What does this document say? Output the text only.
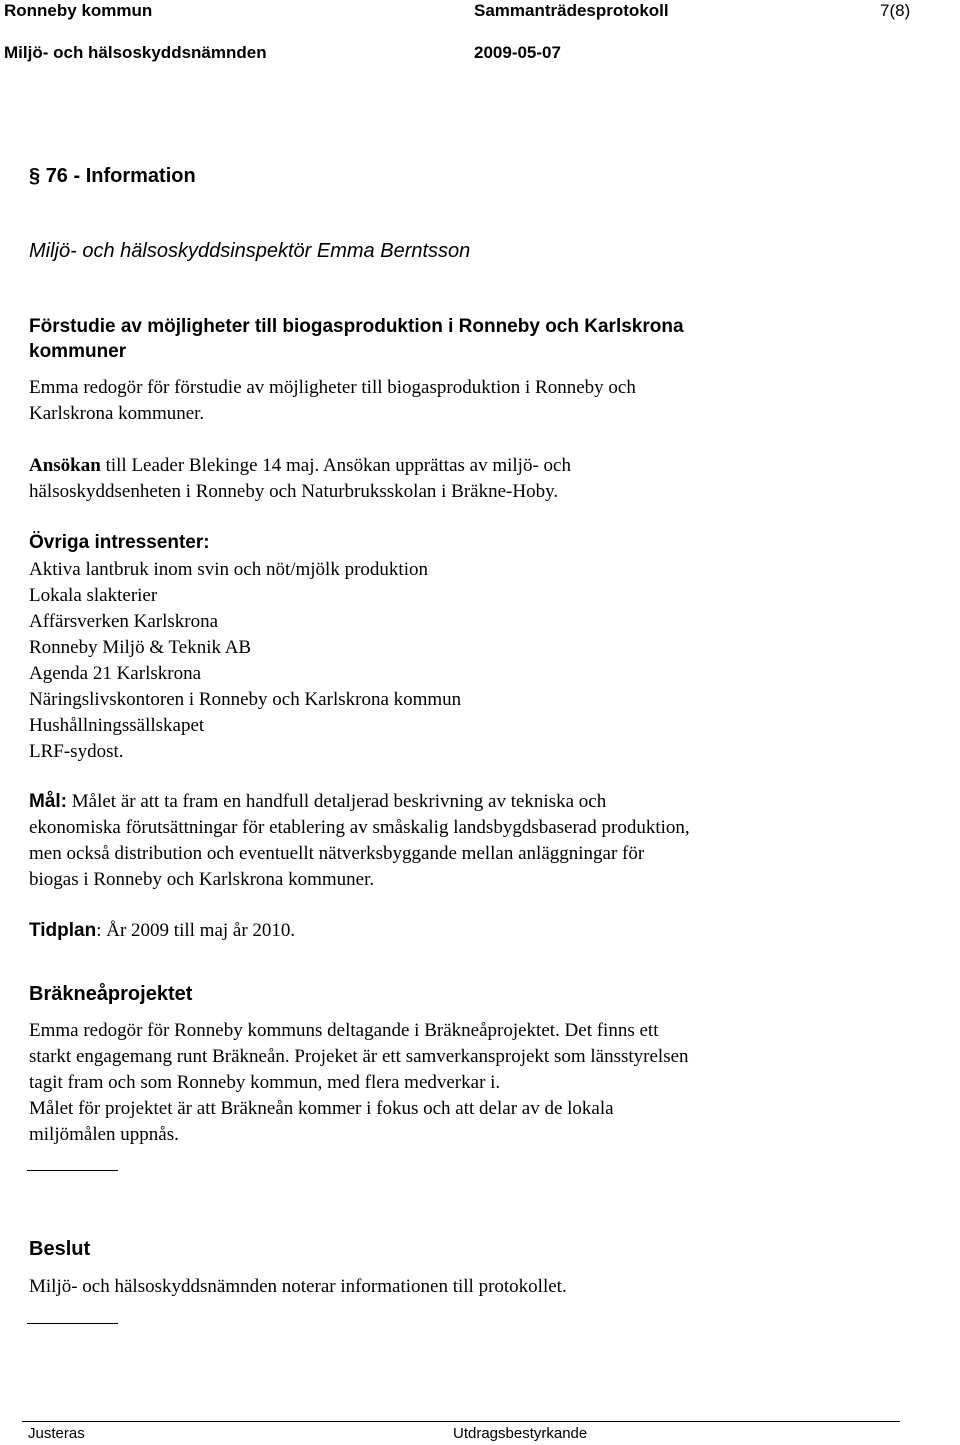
Ronneby kommun	Sammanträdesprotokoll	7(8)
Miljö- och hälsoskyddsnämnden	2009-05-07
§ 76 - Information
Miljö- och hälsoskyddsinspektör Emma Berntsson
Förstudie av möjligheter till biogasproduktion i Ronneby och Karlskrona
kommuner
Emma redogör för förstudie av möjligheter till biogasproduktion i Ronneby och
Karlskrona kommuner.
Ansökan till Leader Blekinge 14 maj. Ansökan upprättas av miljö- och
hälsoskyddsenheten i Ronneby och Naturbruksskolan i Bräkne-Hoby.
Övriga intressenter:
Aktiva lantbruk inom svin och nöt/mjölk produktion
Lokala slakterier
Affärsverken Karlskrona
Ronneby Miljö & Teknik AB
Agenda 21 Karlskrona
Näringslivskontoren i Ronneby och Karlskrona kommun
Hushållningssällskapet
LRF-sydost.
Mål: Målet är att ta fram en handfull detaljerad beskrivning av tekniska och
ekonomiska förutsättningar för etablering av småskalig landsbygdsbaserad produktion,
men också distribution och eventuellt nätverksbyggande mellan anläggningar för
biogas i Ronneby och Karlskrona kommuner.
Tidplan: År 2009 till maj år 2010.
Bräkneåprojektet
Emma redogör för Ronneby kommuns deltagande i Bräkneåprojektet. Det finns ett
starkt engagemang runt Bräkneån. Projeket är ett samverkansprojekt som länsstyrelsen
tagit fram och som Ronneby kommun, med flera medverkar i.
Målet för projektet är att Bräkneån kommer i fokus och att delar av de lokala
miljömålen uppnås.
Beslut
Miljö- och hälsoskyddsnämnden noterar informationen till protokollet.
Justeras	Utdragsbestyrkande
